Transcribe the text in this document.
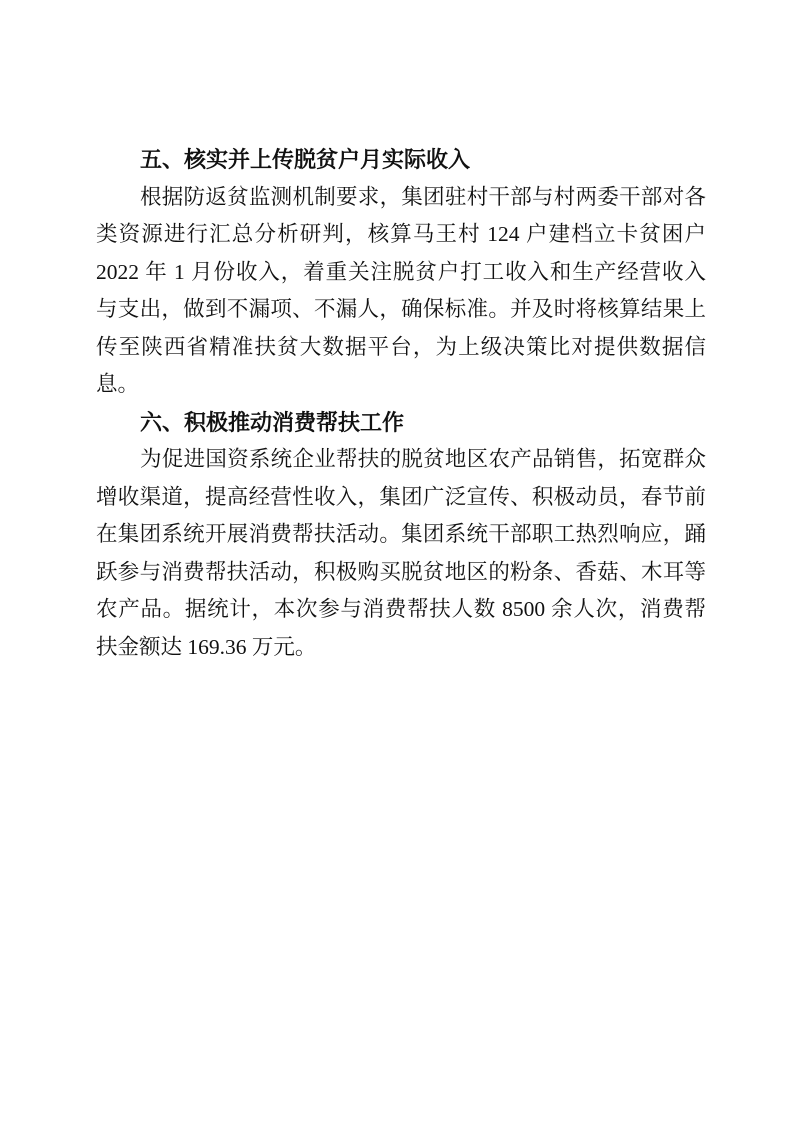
五、核实并上传脱贫户月实际收入
根据防返贫监测机制要求，集团驻村干部与村两委干部对各
类资源进行汇总分析研判，核算马王村 124 户建档立卡贫困户
2022 年 1 月份收入，着重关注脱贫户打工收入和生产经营收入
与支出，做到不漏项、不漏人，确保标准。并及时将核算结果上
传至陕西省精准扶贫大数据平台，为上级决策比对提供数据信
息。
六、积极推动消费帮扶工作
为促进国资系统企业帮扶的脱贫地区农产品销售，拓宽群众
增收渠道，提高经营性收入，集团广泛宣传、积极动员，春节前
在集团系统开展消费帮扶活动。集团系统干部职工热烈响应，踊
跃参与消费帮扶活动，积极购买脱贫地区的粉条、香菇、木耳等
农产品。据统计，本次参与消费帮扶人数 8500 余人次，消费帮
扶金额达 169.36 万元。
